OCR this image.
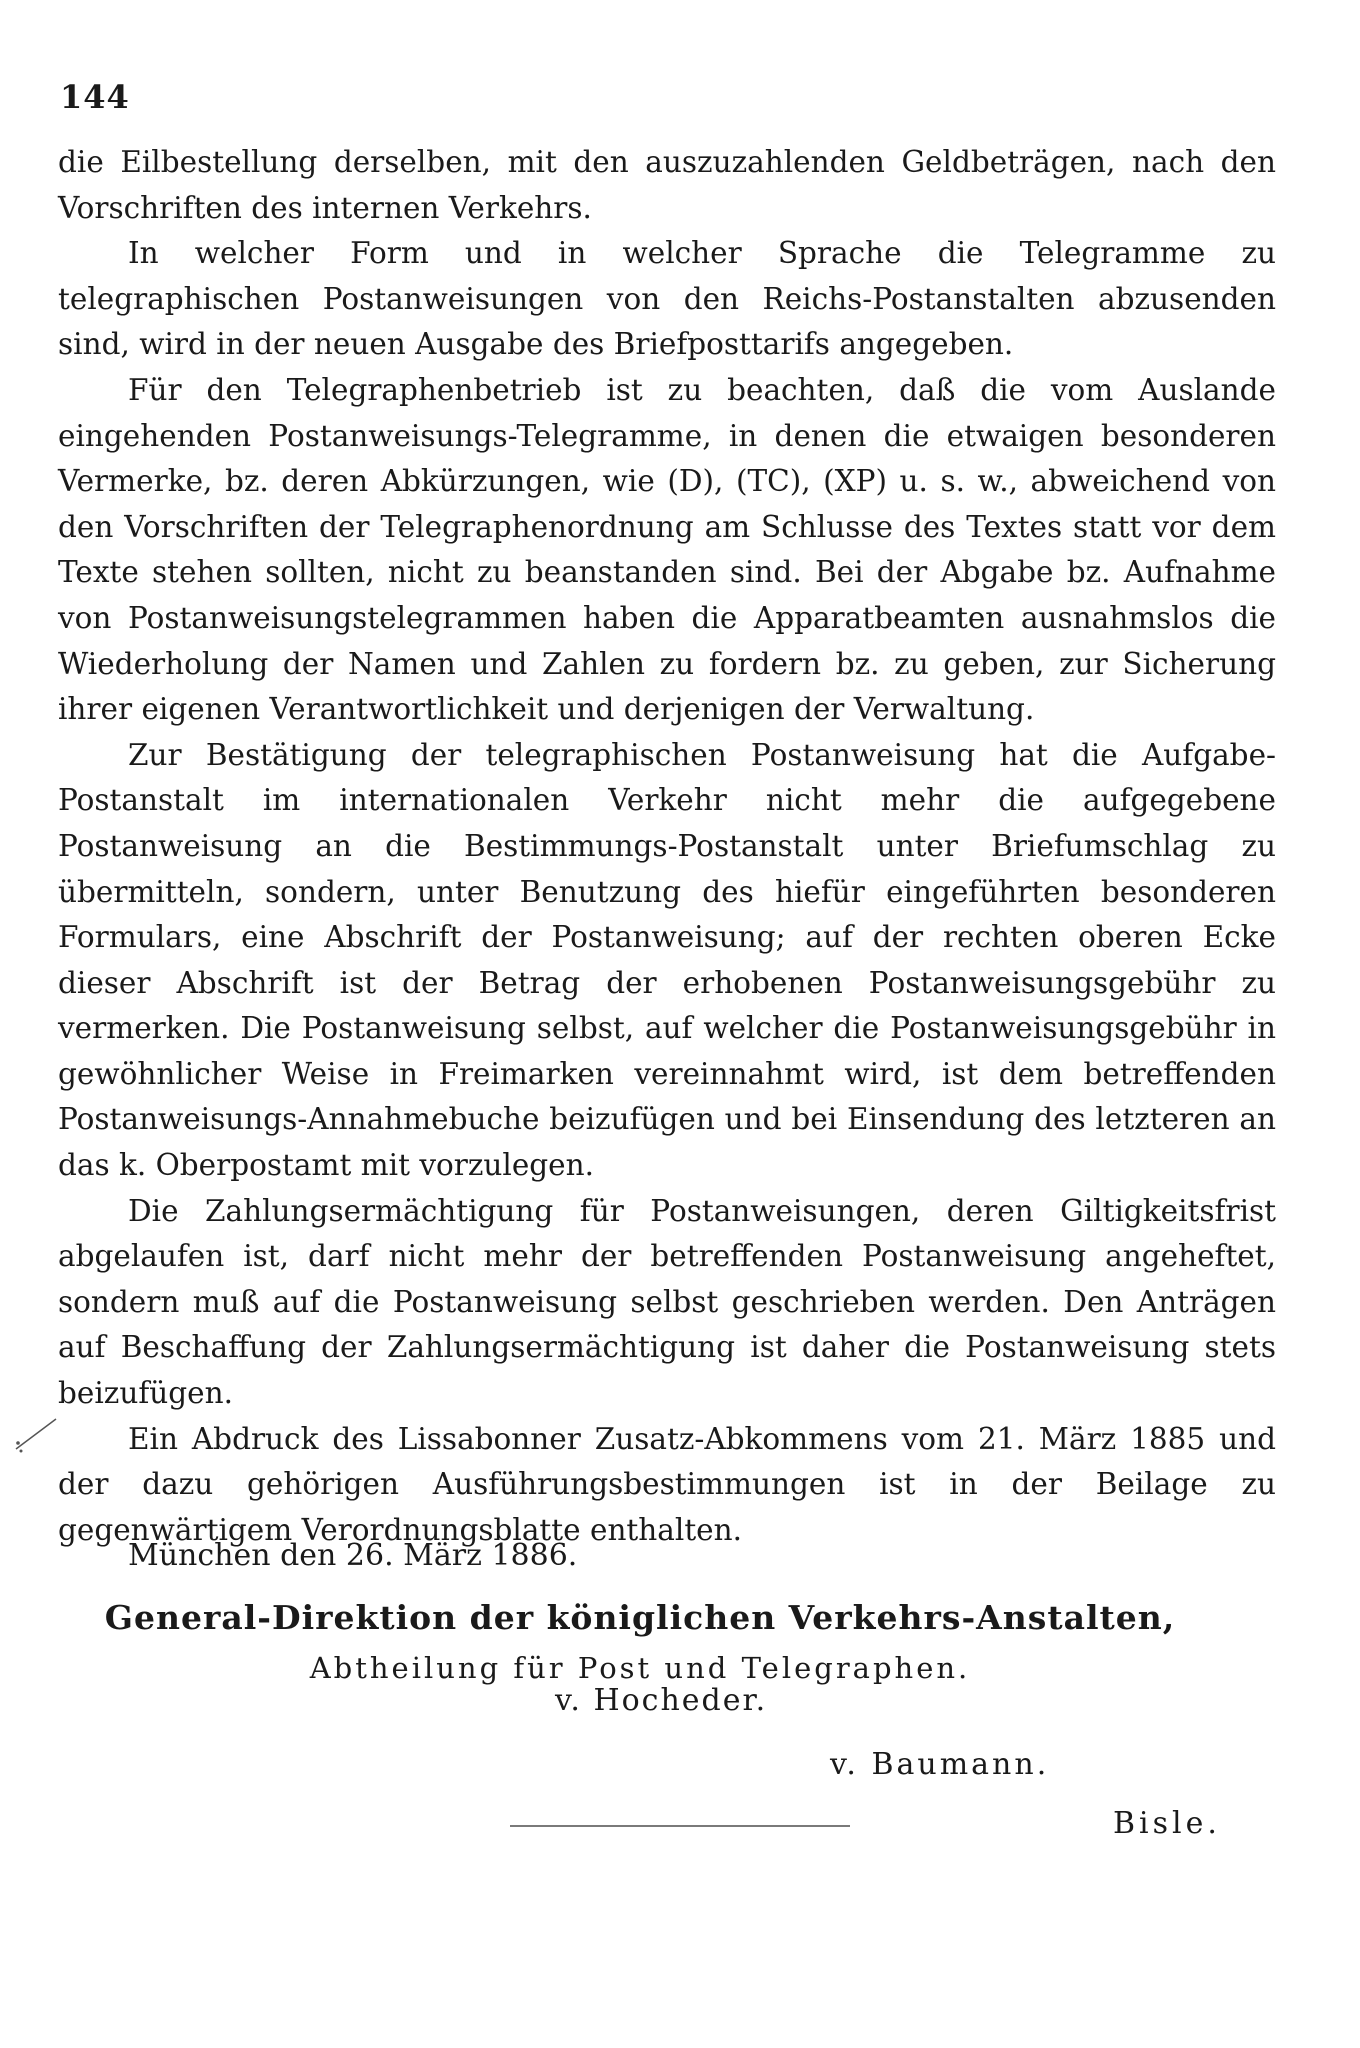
144

die Eilbestellung derselben, mit den auszuzahlenden Geldbeträgen, nach den Vorschriften des internen Verkehrs.

In welcher Form und in welcher Sprache die Telegramme zu telegraphischen Postanweisungen von den Reichs-Postanstalten abzusenden sind, wird in der neuen Ausgabe des Briefposttarifs angegeben.

Für den Telegraphenbetrieb ist zu beachten, daß die vom Auslande eingehenden Postanweisungs-Telegramme, in denen die etwaigen besonderen Vermerke, bz. deren Abkürzungen, wie (D), (TC), (XP) u. s. w., abweichend von den Vorschriften der Telegraphenordnung am Schlusse des Textes statt vor dem Texte stehen sollten, nicht zu beanstanden sind. Bei der Abgabe bz. Aufnahme von Postanweisungstelegrammen haben die Apparatbeamten ausnahmslos die Wiederholung der Namen und Zahlen zu fordern bz. zu geben, zur Sicherung ihrer eigenen Verantwortlichkeit und derjenigen der Verwaltung.

Zur Bestätigung der telegraphischen Postanweisung hat die Aufgabe-Postanstalt im internationalen Verkehr nicht mehr die aufgegebene Postanweisung an die Bestimmungs-Postanstalt unter Briefumschlag zu übermitteln, sondern, unter Benutzung des hiefür eingeführten besonderen Formulars, eine Abschrift der Postanweisung; auf der rechten oberen Ecke dieser Abschrift ist der Betrag der erhobenen Postanweisungsgebühr zu vermerken. Die Postanweisung selbst, auf welcher die Postanweisungsgebühr in gewöhnlicher Weise in Freimarken vereinnahmt wird, ist dem betreffenden Postanweisungs-Annahmebuche beizufügen und bei Einsendung des letzteren an das k. Oberpostamt mit vorzulegen.

Die Zahlungsermächtigung für Postanweisungen, deren Giltigkeitsfrist abgelaufen ist, darf nicht mehr der betreffenden Postanweisung angeheftet, sondern muß auf die Postanweisung selbst geschrieben werden. Den Anträgen auf Beschaffung der Zahlungsermächtigung ist daher die Postanweisung stets beizufügen.

Ein Abdruck des Lissabonner Zusatz-Abkommens vom 21. März 1885 und der dazu gehörigen Ausführungsbestimmungen ist in der Beilage zu gegenwärtigem Verordnungsblatte enthalten.

München den 26. März 1886.
General-Direktion der königlichen Verkehrs-Anstalten,
Abtheilung für Post und Telegraphen.
v. Hocheder.
v. Baumann.
Bisle.
